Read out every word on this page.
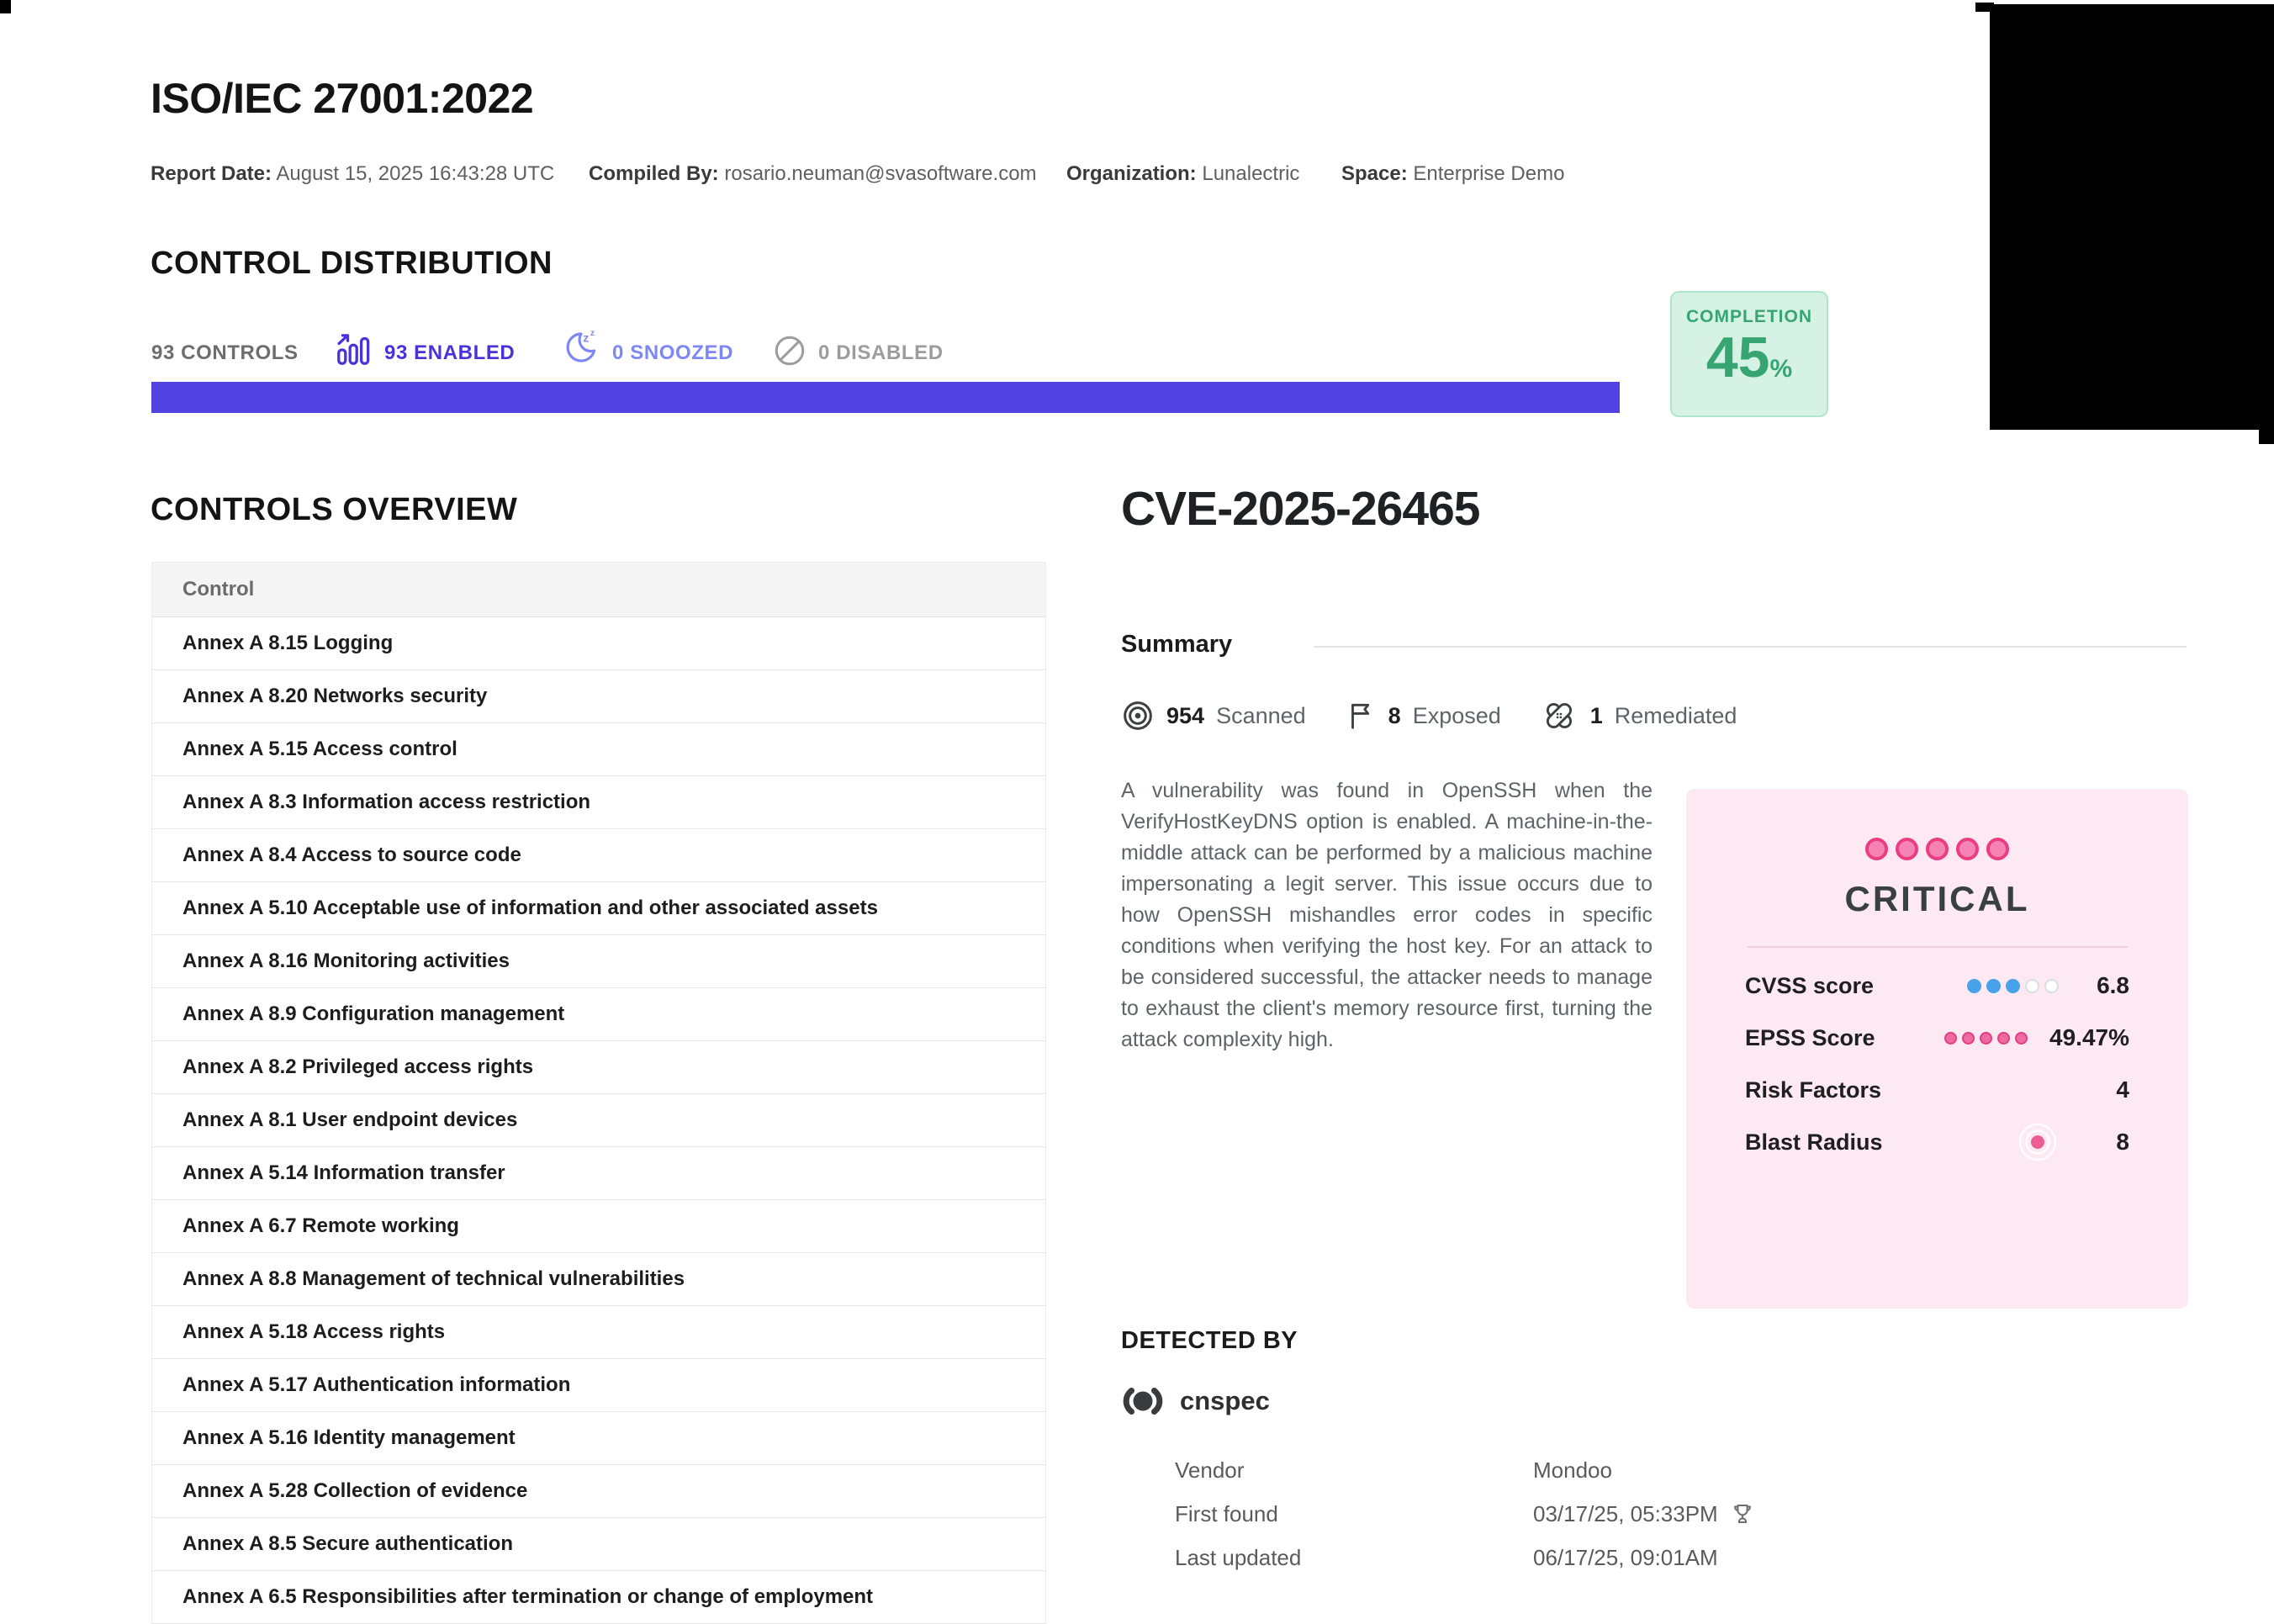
ISO/IEC 27001:2022
Report Date: August 15, 2025 16:43:28 UTC Compiled By: rosario.neuman@svasoftware.com Organization: Lunalectric Space: Enterprise Demo
CONTROL DISTRIBUTION
93 CONTROLS	93 ENABLED
z z
0 SNOOZED	0 DISABLED
COMPLETION
45%
CONTROLS OVERVIEW
Control
Annex A 8.15 Logging
Annex A 8.20 Networks security
Annex A 5.15 Access control
Annex A 8.3 Information access restriction
Annex A 8.4 Access to source code
Annex A 5.10 Acceptable use of information and other associated assets
Annex A 8.16 Monitoring activities
Annex A 8.9 Configuration management
Annex A 8.2 Privileged access rights
Annex A 8.1 User endpoint devices
Annex A 5.14 Information transfer
Annex A 6.7 Remote working
Annex A 8.8 Management of technical vulnerabilities
Annex A 5.18 Access rights
Annex A 5.17 Authentication information
Annex A 5.16 Identity management
Annex A 5.28 Collection of evidence
Annex A 8.5 Secure authentication
Annex A 6.5 Responsibilities after termination or change of employment
CVE-2025-26465
Summary
954 Scanned	8 Exposed	1 Remediated
A vulnerability was found in OpenSSH when the VerifyHostKeyDNS option is enabled. A machine-in-the-middle attack can be performed by a malicious machine impersonating a legit server. This issue occurs due to how OpenSSH mishandles error codes in specific conditions when verifying the host key. For an attack to be considered successful, the attacker needs to manage to exhaust the client's memory resource first, turning the attack complexity high.
CRITICAL
CVSS score	6.8
EPSS Score	49.47%
Risk Factors	4
Blast Radius	8
DETECTED BY
cnspec
Vendor	Mondoo
First found	03/17/25, 05:33PM
Last updated	06/17/25, 09:01AM
